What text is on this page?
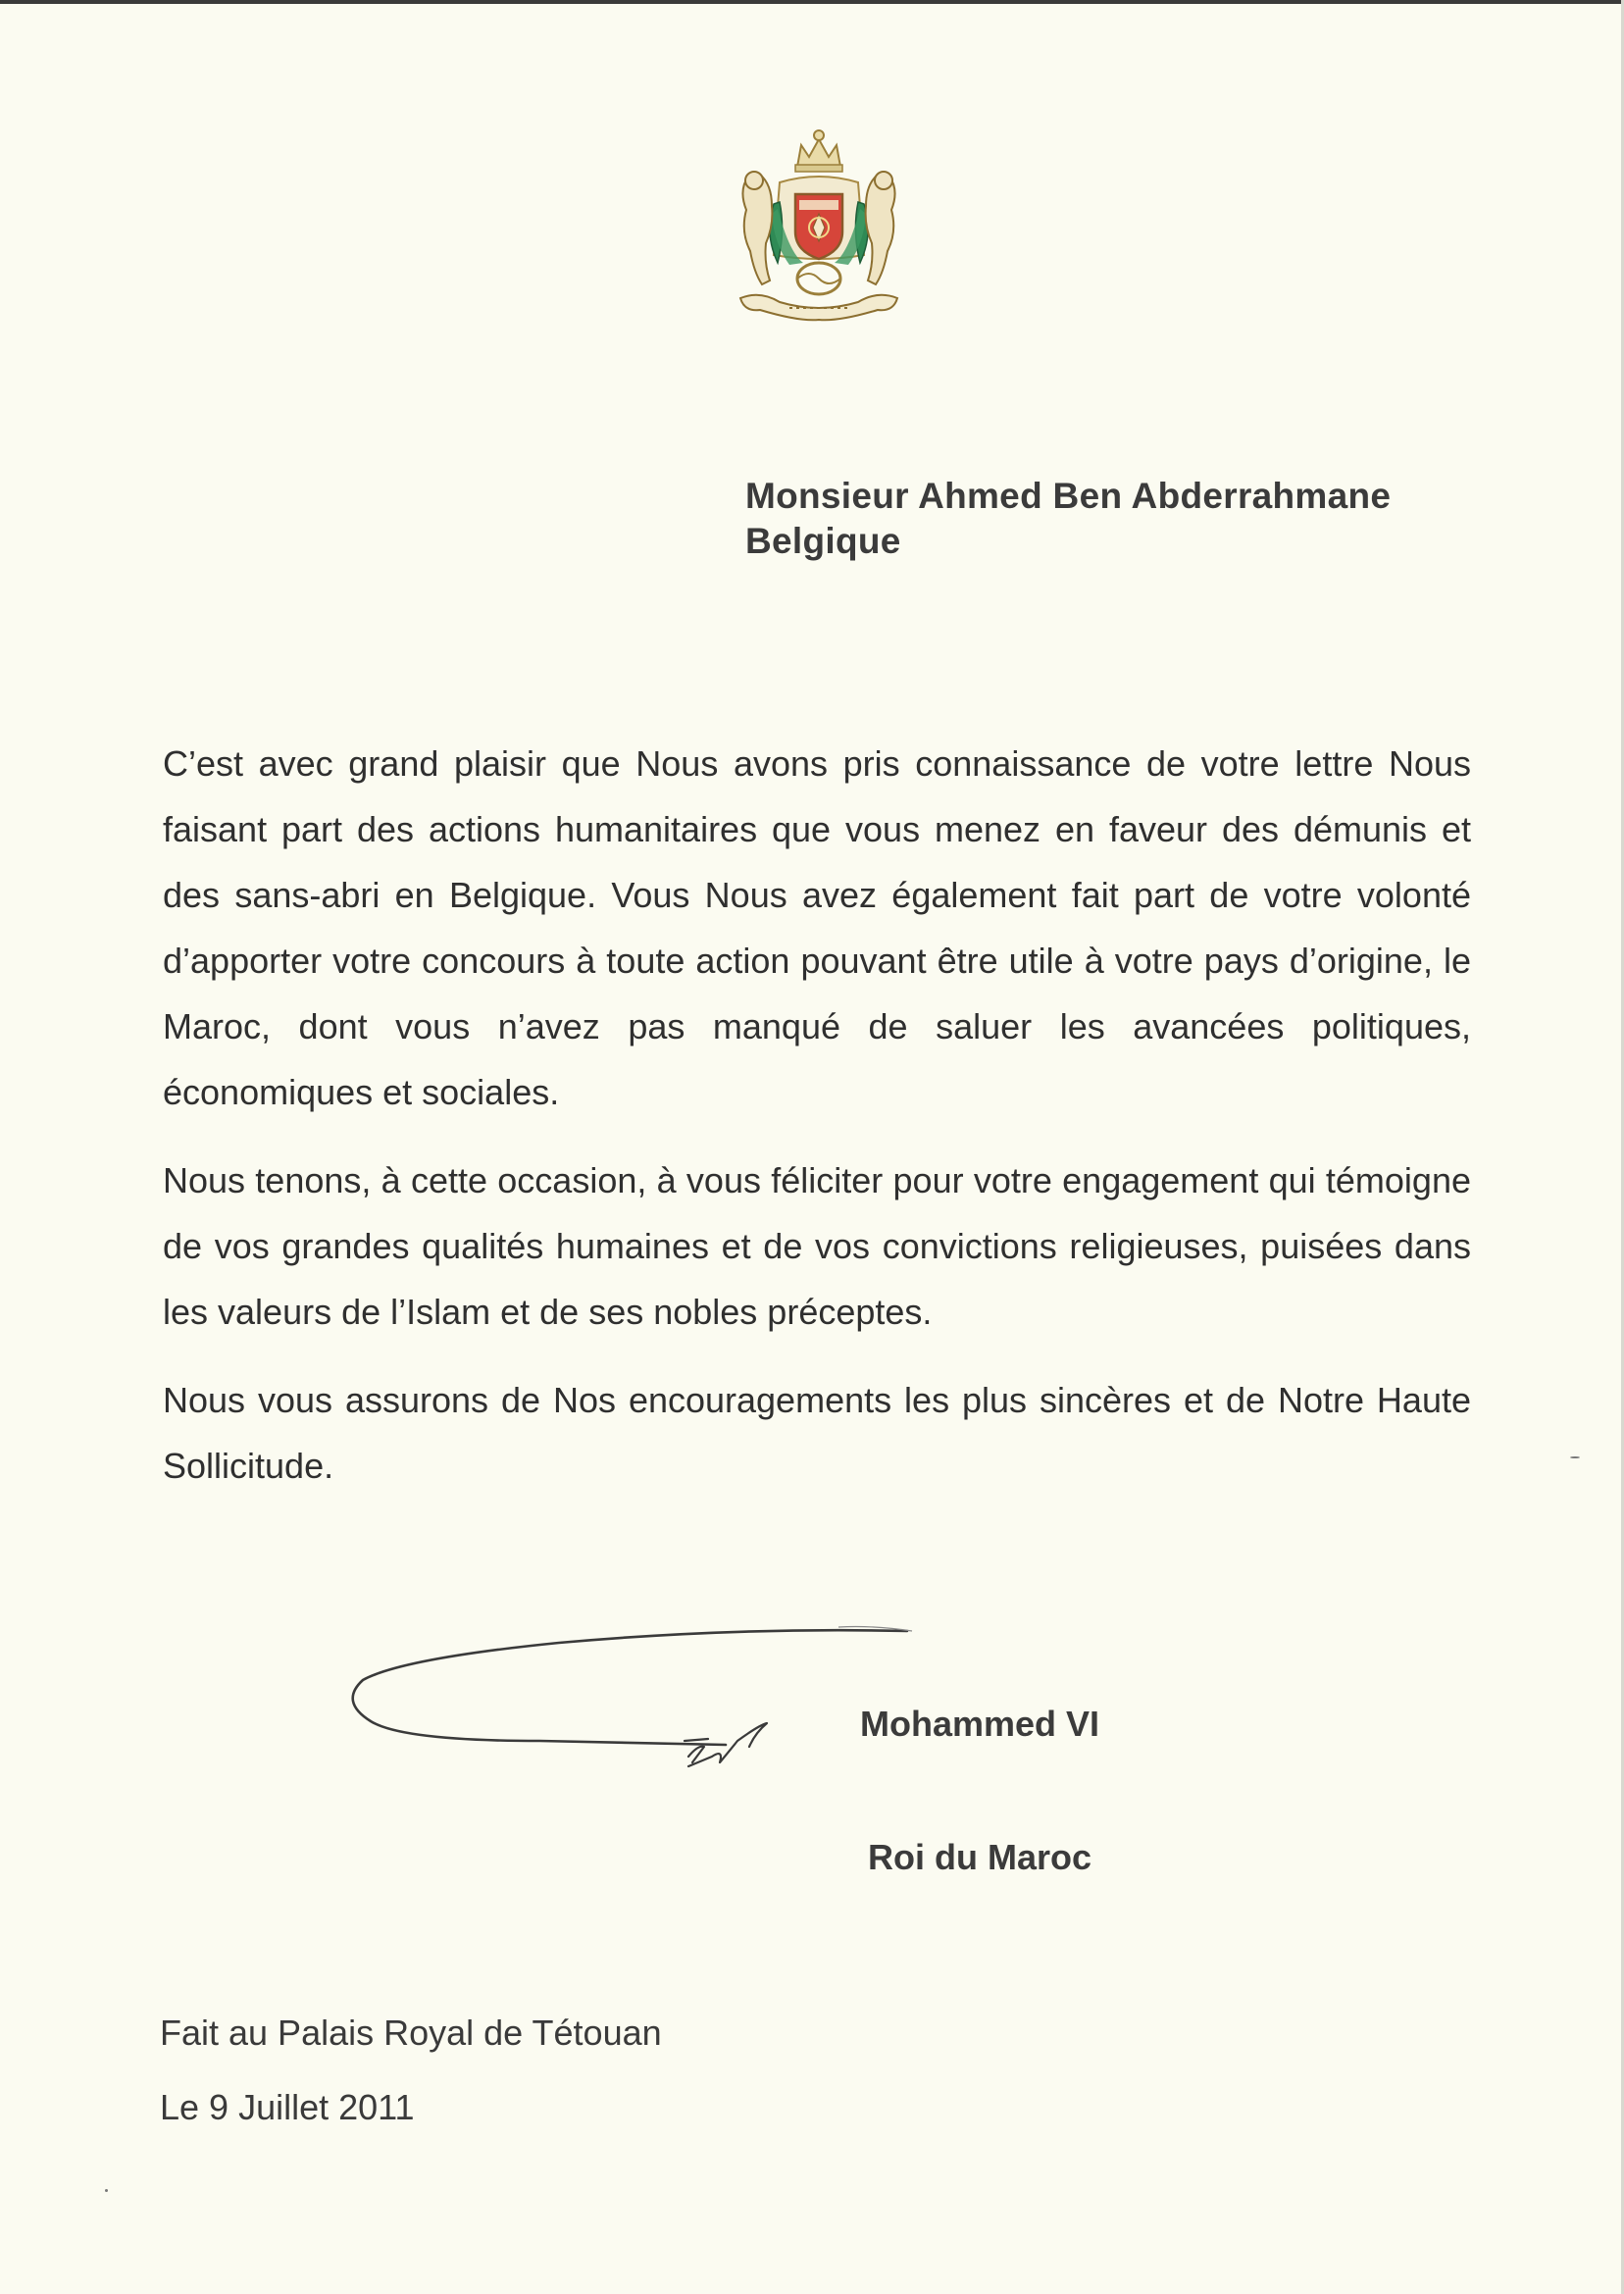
Monsieur Ahmed Ben Abderrahmane
Belgique

C’est avec grand plaisir que Nous avons pris connaissance de votre lettre Nous faisant part des actions humanitaires que vous menez en faveur des démunis et des sans-abri en Belgique. Vous Nous avez également fait part de votre volonté d’apporter votre concours à toute action pouvant être utile à votre pays d’origine, le Maroc, dont vous n’avez pas manqué de saluer les avancées politiques, économiques et sociales.

Nous tenons, à cette occasion, à vous féliciter pour votre engagement qui témoigne de vos grandes qualités humaines et de vos convictions religieuses, puisées dans les valeurs de l’Islam et de ses nobles préceptes.

Nous vous assurons de Nos encouragements les plus sincères et de Notre Haute Sollicitude.

Mohammed VI
Roi du Maroc
Fait au Palais Royal de Tétouan
Le 9 Juillet 2011
